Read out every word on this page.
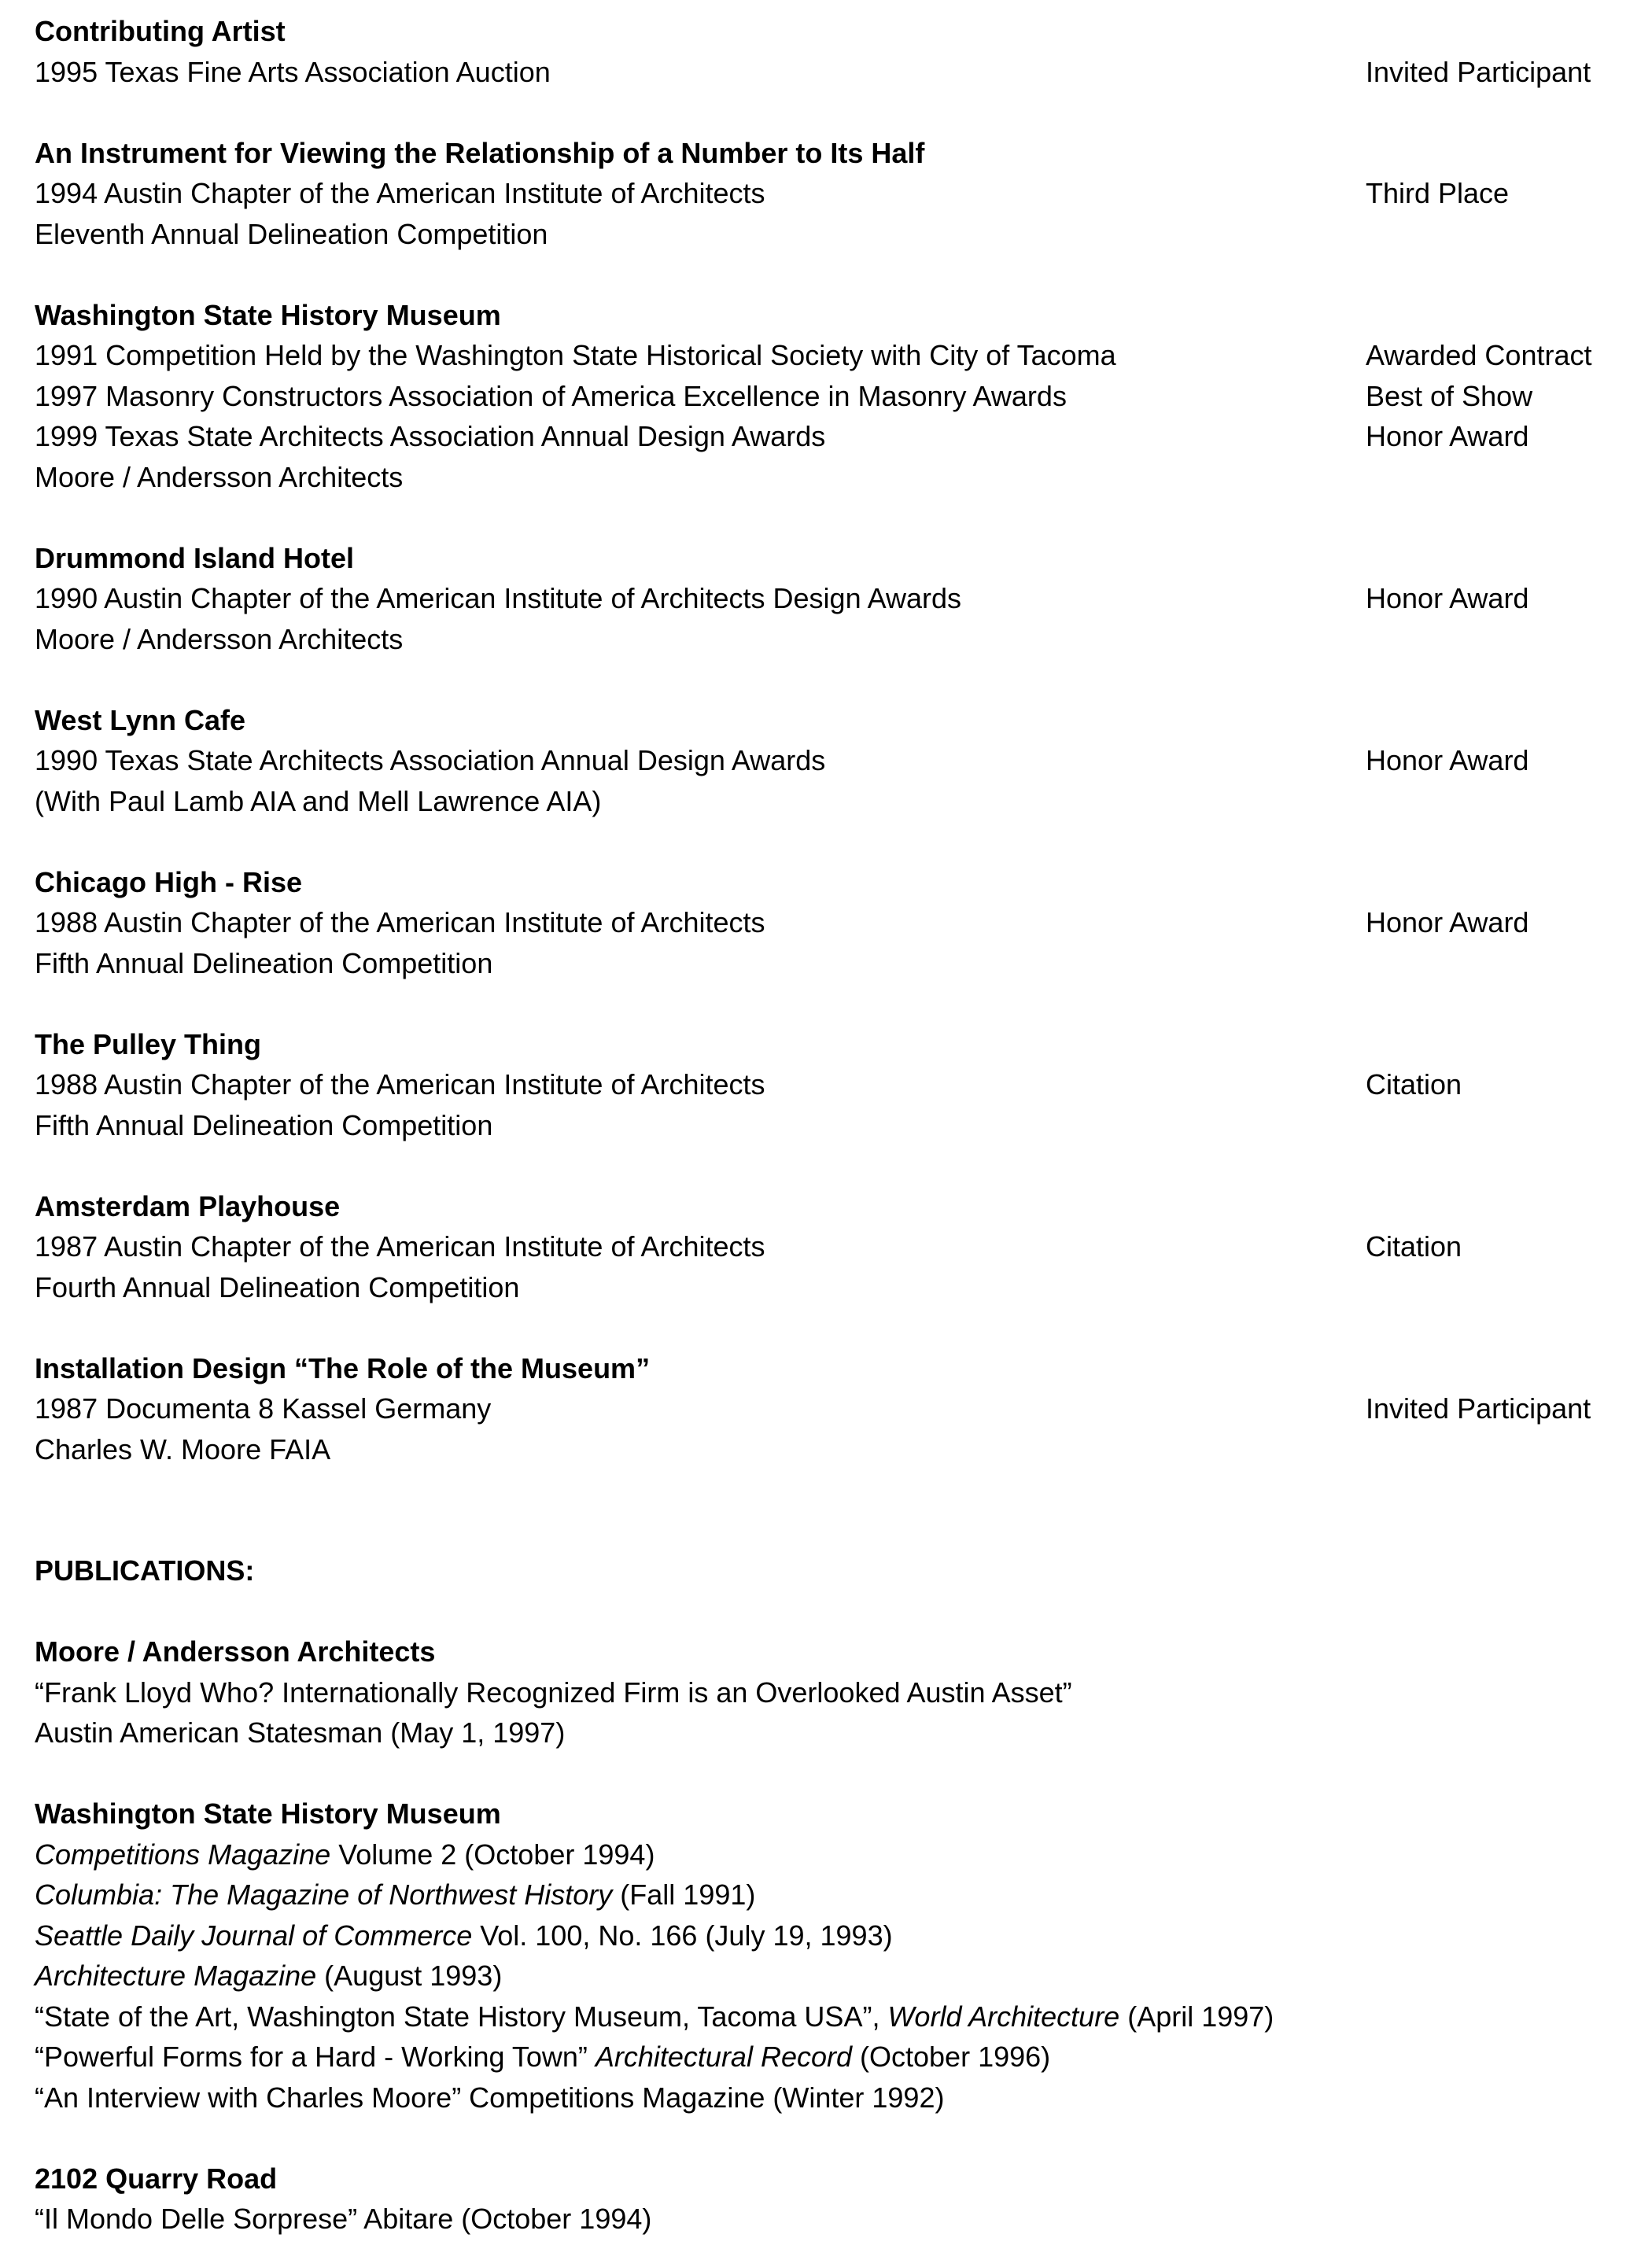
Contributing Artist
1995 Texas Fine Arts Association Auction	Invited Participant
An Instrument for Viewing the Relationship of a Number to Its Half
1994 Austin Chapter of the American Institute of Architects	Third Place
Eleventh Annual Delineation Competition
Washington State History Museum
1991 Competition Held by the Washington State Historical Society with City of Tacoma	Awarded Contract
1997 Masonry Constructors Association of America Excellence in Masonry Awards	Best of Show
1999 Texas State Architects Association Annual Design Awards	Honor Award
Moore / Andersson Architects
Drummond Island Hotel
1990 Austin Chapter of the American Institute of Architects Design Awards	Honor Award
Moore / Andersson Architects
West Lynn Cafe
1990 Texas State Architects Association Annual Design Awards	Honor Award
(With Paul Lamb AIA and Mell Lawrence AIA)
Chicago High - Rise
1988 Austin Chapter of the American Institute of Architects	Honor Award
Fifth Annual Delineation Competition
The Pulley Thing
1988 Austin Chapter of the American Institute of Architects	Citation
Fifth Annual Delineation Competition
Amsterdam Playhouse
1987 Austin Chapter of the American Institute of Architects	Citation
Fourth Annual Delineation Competition
Installation Design “The Role of the Museum”
1987 Documenta 8 Kassel Germany	Invited Participant
Charles W. Moore FAIA
PUBLICATIONS:
Moore / Andersson Architects
“Frank Lloyd Who? Internationally Recognized Firm is an Overlooked Austin Asset”
Austin American Statesman (May 1, 1997)
Washington State History Museum
Competitions Magazine Volume 2 (October 1994)
Columbia: The Magazine of Northwest History (Fall 1991)
Seattle Daily Journal of Commerce Vol. 100, No. 166 (July 19, 1993)
Architecture Magazine (August 1993)
“State of the Art, Washington State History Museum, Tacoma USA”, World Architecture (April 1997)
“Powerful Forms for a Hard - Working Town” Architectural Record (October 1996)
“An Interview with Charles Moore” Competitions Magazine (Winter 1992)
2102 Quarry Road
“Il Mondo Delle Sorprese” Abitare (October 1994)
